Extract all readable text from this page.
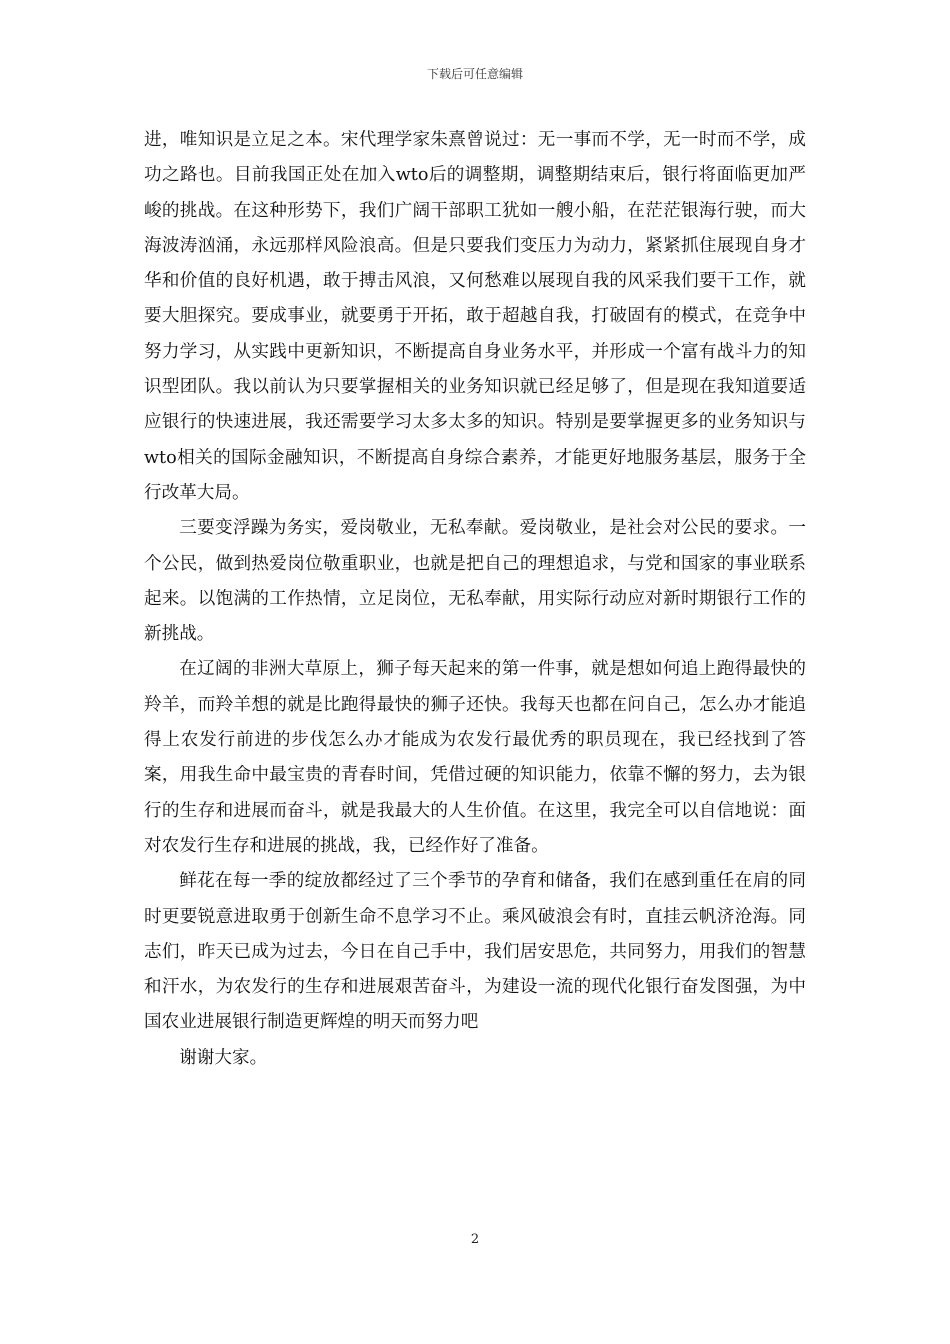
下载后可任意编辑

进，唯知识是立足之本。宋代理学家朱熹曾说过：无一事而不学，无一时而不学，成功之路也。目前我国正处在加入wto后的调整期，调整期结束后，银行将面临更加严峻的挑战。在这种形势下，我们广阔干部职工犹如一艘小船，在茫茫银海行驶，而大海波涛汹涌，永远那样风险浪高。但是只要我们变压力为动力，紧紧抓住展现自身才华和价值的良好机遇，敢于搏击风浪，又何愁难以展现自我的风采我们要干工作，就要大胆探究。要成事业，就要勇于开拓，敢于超越自我，打破固有的模式，在竞争中努力学习，从实践中更新知识，不断提高自身业务水平，并形成一个富有战斗力的知识型团队。我以前认为只要掌握相关的业务知识就已经足够了，但是现在我知道要适应银行的快速进展，我还需要学习太多太多的知识。特别是要掌握更多的业务知识与wto相关的国际金融知识，不断提高自身综合素养，才能更好地服务基层，服务于全行改革大局。

三要变浮躁为务实，爱岗敬业，无私奉献。爱岗敬业，是社会对公民的要求。一个公民，做到热爱岗位敬重职业，也就是把自己的理想追求，与党和国家的事业联系起来。以饱满的工作热情，立足岗位，无私奉献，用实际行动应对新时期银行工作的新挑战。

在辽阔的非洲大草原上，狮子每天起来的第一件事，就是想如何追上跑得最快的羚羊，而羚羊想的就是比跑得最快的狮子还快。我每天也都在问自己，怎么办才能追得上农发行前进的步伐怎么办才能成为农发行最优秀的职员现在，我已经找到了答案，用我生命中最宝贵的青春时间，凭借过硬的知识能力，依靠不懈的努力，去为银行的生存和进展而奋斗，就是我最大的人生价值。在这里，我完全可以自信地说：面对农发行生存和进展的挑战，我，已经作好了准备。

鲜花在每一季的绽放都经过了三个季节的孕育和储备，我们在感到重任在肩的同时更要锐意进取勇于创新生命不息学习不止。乘风破浪会有时，直挂云帆济沧海。同志们，昨天已成为过去，今日在自己手中，我们居安思危，共同努力，用我们的智慧和汗水，为农发行的生存和进展艰苦奋斗，为建设一流的现代化银行奋发图强，为中国农业进展银行制造更辉煌的明天而努力吧

谢谢大家。

2
